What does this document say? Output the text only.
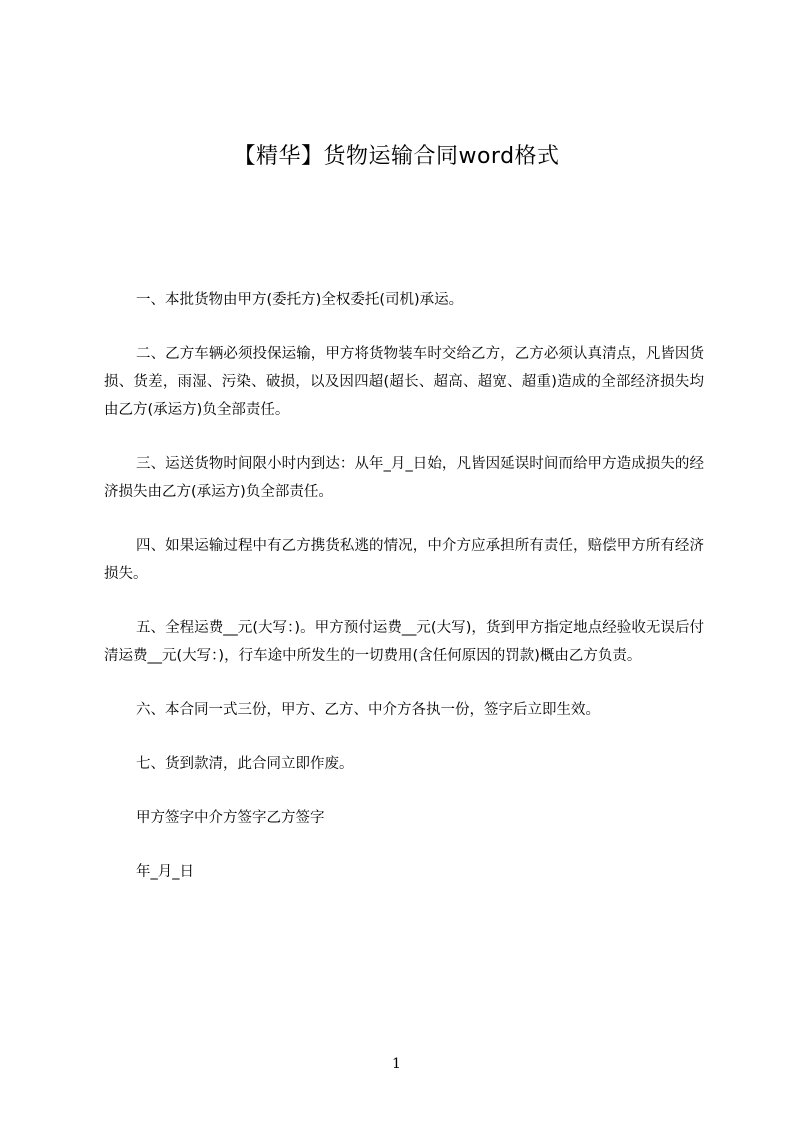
【精华】货物运输合同word格式

一、本批货物由甲方(委托方)全权委托(司机)承运。

二、乙方车辆必须投保运输，甲方将货物装车时交给乙方，乙方必须认真清点，凡皆因货损、货差，雨湿、污染、破损，以及因四超(超长、超高、超宽、超重)造成的全部经济损失均由乙方(承运方)负全部责任。

三、运送货物时间限小时内到达：从年_月_日始，凡皆因延误时间而给甲方造成损失的经济损失由乙方(承运方)负全部责任。

四、如果运输过程中有乙方携货私逃的情况，中介方应承担所有责任，赔偿甲方所有经济损失。

五、全程运费__元(大写：)。甲方预付运费__元(大写)，货到甲方指定地点经验收无误后付清运费__元(大写：)，行车途中所发生的一切费用(含任何原因的罚款)概由乙方负责。

六、本合同一式三份，甲方、乙方、中介方各执一份，签字后立即生效。

七、货到款清，此合同立即作废。

甲方签字中介方签字乙方签字

年_月_日

1
